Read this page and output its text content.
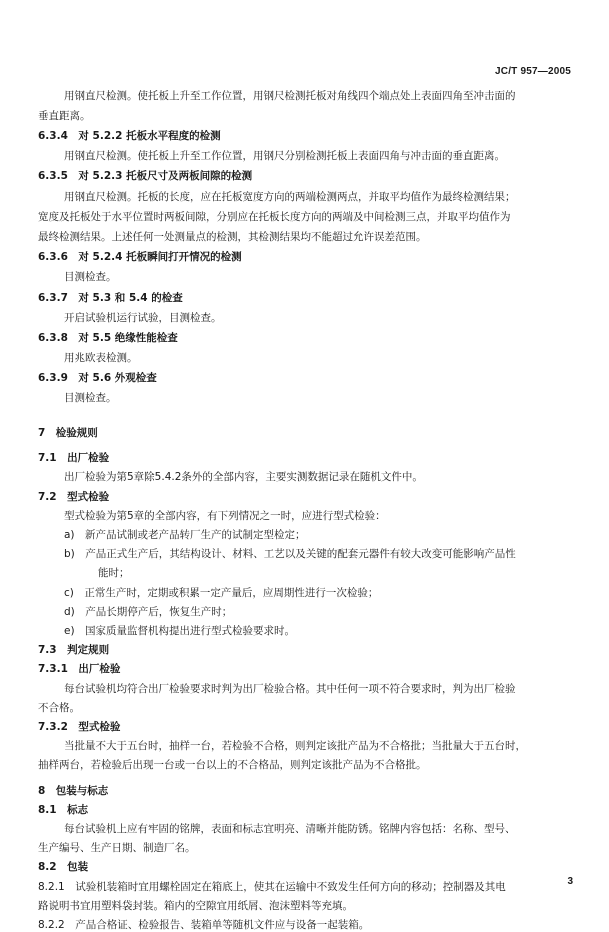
JC/T 957—2005
用钢直尺检测。使托板上升至工作位置，用钢尺检测托板对角线四个端点处上表面四角至冲击面的
垂直距离。
6.3.4　对 5.2.2 托板水平程度的检测
用钢直尺检测。使托板上升至工作位置，用钢尺分别检测托板上表面四角与冲击面的垂直距离。
6.3.5　对 5.2.3 托板尺寸及两板间隙的检测
用钢直尺检测。托板的长度，应在托板宽度方向的两端检测两点，并取平均值作为最终检测结果；
宽度及托板处于水平位置时两板间隙，分别应在托板长度方向的两端及中间检测三点，并取平均值作为
最终检测结果。上述任何一处测量点的检测，其检测结果均不能超过允许误差范围。
6.3.6　对 5.2.4 托板瞬间打开情况的检测
目测检查。
6.3.7　对 5.3 和 5.4 的检查
开启试验机运行试验，目测检查。
6.3.8　对 5.5 绝缘性能检查
用兆欧表检测。
6.3.9　对 5.6 外观检查
目测检查。
7　检验规则
7.1　出厂检验
出厂检验为第5章除5.4.2条外的全部内容，主要实测数据记录在随机文件中。
7.2　型式检验
型式检验为第5章的全部内容，有下列情况之一时，应进行型式检验：
a)　新产品试制或老产品转厂生产的试制定型检定；
b)　产品正式生产后，其结构设计、材料、工艺以及关键的配套元器件有较大改变可能影响产品性
能时；
c)　正常生产时，定期或积累一定产量后，应周期性进行一次检验；
d)　产品长期停产后，恢复生产时；
e)　国家质量监督机构提出进行型式检验要求时。
7.3　判定规则
7.3.1　出厂检验
每台试验机均符合出厂检验要求时判为出厂检验合格。其中任何一项不符合要求时，判为出厂检验
不合格。
7.3.2　型式检验
当批量不大于五台时，抽样一台，若检验不合格，则判定该批产品为不合格批；当批量大于五台时，
抽样两台，若检验后出现一台或一台以上的不合格品，则判定该批产品为不合格批。
8　包装与标志
8.1　标志
每台试验机上应有牢固的铭牌，表面和标志宜明亮、清晰并能防锈。铭牌内容包括：名称、型号、
生产编号、生产日期、制造厂名。
3
8.2　包装
8.2.1　试验机装箱时宜用螺栓固定在箱底上，使其在运输中不致发生任何方向的移动；控制器及其电
路说明书宜用塑料袋封装。箱内的空隙宜用纸屑、泡沫塑料等充填。
8.2.2　产品合格证、检验报告、装箱单等随机文件应与设备一起装箱。
